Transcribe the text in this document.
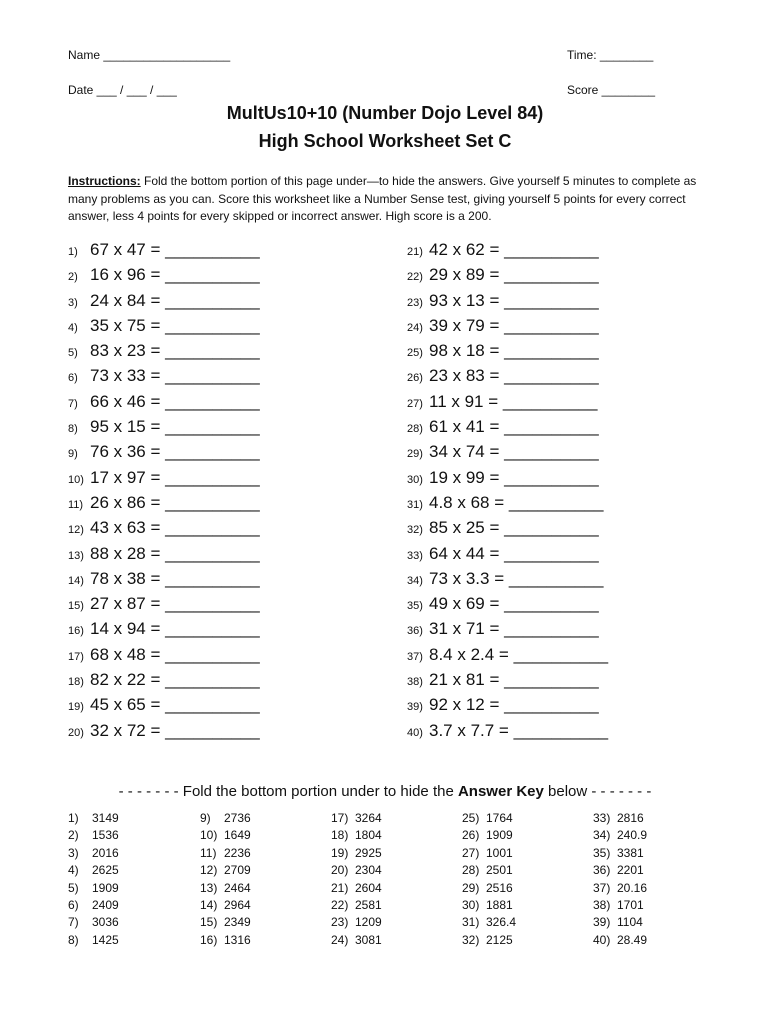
Name ___________________	Time: ________
Date ___ / ___ / ___	Score ________
MultUs10+10 (Number Dojo Level 84)
High School Worksheet Set C
Instructions: Fold the bottom portion of this page under—to hide the answers. Give yourself 5 minutes to complete as many problems as you can. Score this worksheet like a Number Sense test, giving yourself 5 points for every correct answer, less 4 points for every skipped or incorrect answer. High score is a 200.
1) 67 x 47 = __________
2) 16 x 96 = __________
3) 24 x 84 = __________
4) 35 x 75 = __________
5) 83 x 23 = __________
6) 73 x 33 = __________
7) 66 x 46 = __________
8) 95 x 15 = __________
9) 76 x 36 = __________
10) 17 x 97 = __________
11) 26 x 86 = __________
12) 43 x 63 = __________
13) 88 x 28 = __________
14) 78 x 38 = __________
15) 27 x 87 = __________
16) 14 x 94 = __________
17) 68 x 48 = __________
18) 82 x 22 = __________
19) 45 x 65 = __________
20) 32 x 72 = __________
21) 42 x 62 = __________
22) 29 x 89 = __________
23) 93 x 13 = __________
24) 39 x 79 = __________
25) 98 x 18 = __________
26) 23 x 83 = __________
27) 11 x 91 = __________
28) 61 x 41 = __________
29) 34 x 74 = __________
30) 19 x 99 = __________
31) 4.8 x 68 = __________
32) 85 x 25 = __________
33) 64 x 44 = __________
34) 73 x 3.3 = __________
35) 49 x 69 = __________
36) 31 x 71 = __________
37) 8.4 x 2.4 = __________
38) 21 x 81 = __________
39) 92 x 12 = __________
40) 3.7 x 7.7 = __________
- - - - - - - Fold the bottom portion under to hide the Answer Key below - - - - - - -
1) 3149
2) 1536
3) 2016
4) 2625
5) 1909
6) 2409
7) 3036
8) 1425
9) 2736
10) 1649
11) 2236
12) 2709
13) 2464
14) 2964
15) 2349
16) 1316
17) 3264
18) 1804
19) 2925
20) 2304
21) 2604
22) 2581
23) 1209
24) 3081
25) 1764
26) 1909
27) 1001
28) 2501
29) 2516
30) 1881
31) 326.4
32) 2125
33) 2816
34) 240.9
35) 3381
36) 2201
37) 20.16
38) 1701
39) 1104
40) 28.49
